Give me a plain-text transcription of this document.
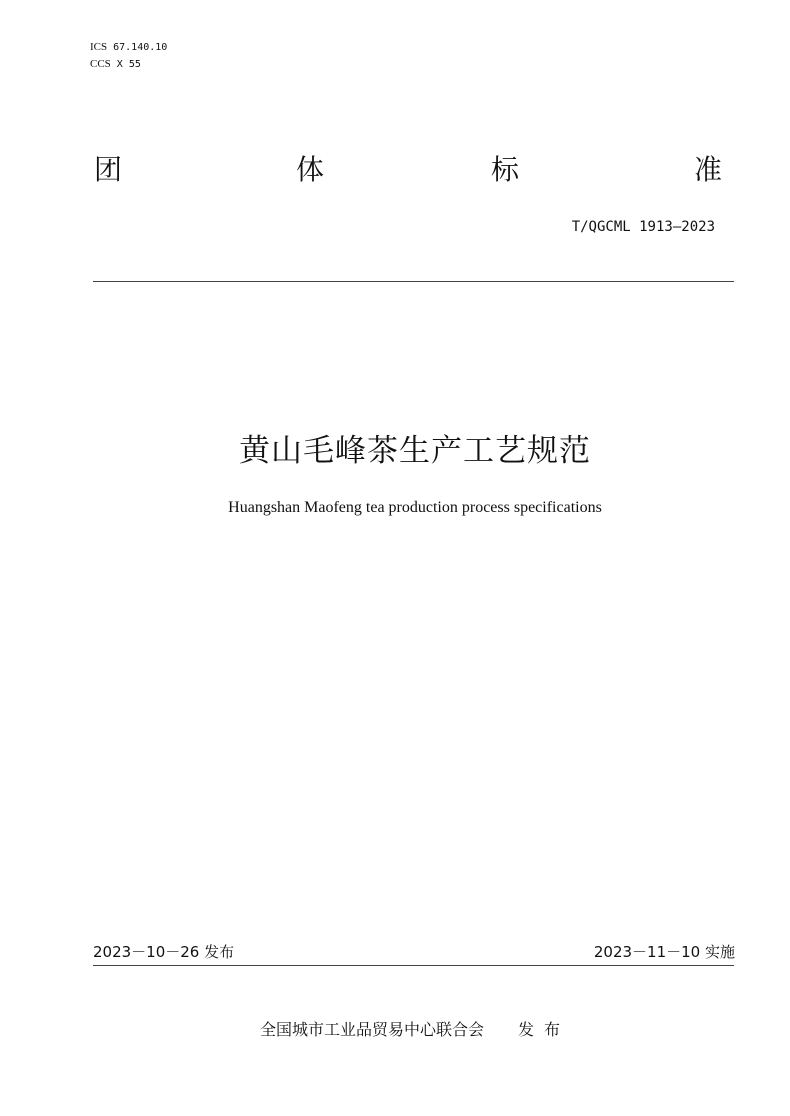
ICS 67.140.10
CCS X 55
团	体	标	准
T/QGCML 1913—2023
黄山毛峰茶生产工艺规范
Huangshan Maofeng tea production process specifications
2023－10－26 发布	2023－11－10 实施
全国城市工业品贸易中心联合会 发布
